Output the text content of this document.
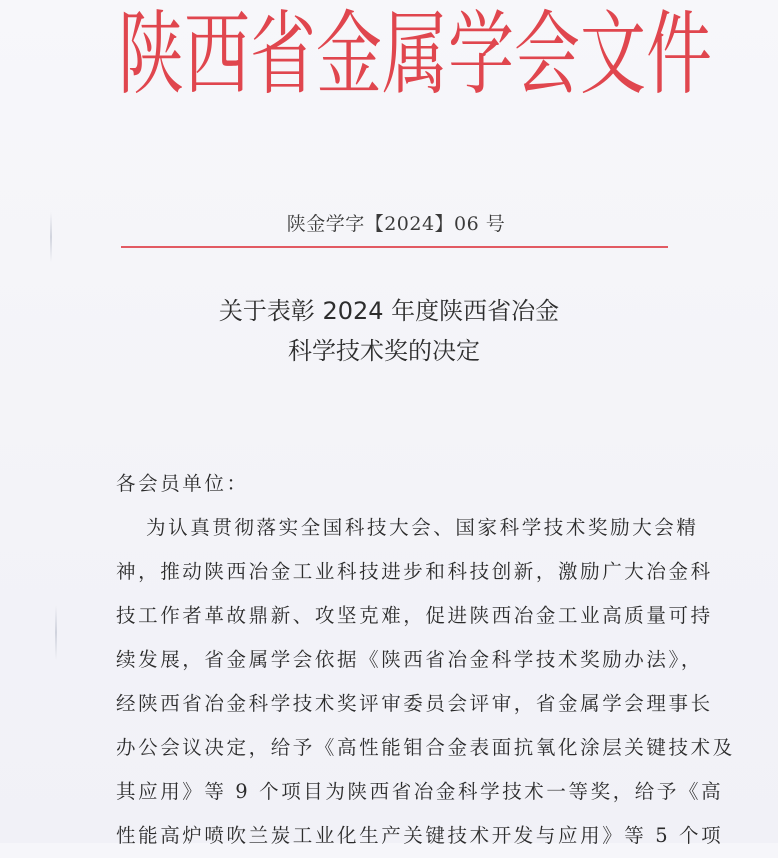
陕 西 省 金 属 学 会 文 件
陕金学字【2024】06 号
关于表彰 2024 年度陕西省冶金
科学技术奖的决定
各会员单位：
为认真贯彻落实全国科技大会、国家科学技术奖励大会精
神，推动陕西冶金工业科技进步和科技创新，激励广大冶金科
技工作者革故鼎新、攻坚克难，促进陕西冶金工业高质量可持
续发展，省金属学会依据《陕西省冶金科学技术奖励办法》，
经陕西省冶金科学技术奖评审委员会评审，省金属学会理事长
办公会议决定，给予《高性能钼合金表面抗氧化涂层关键技术及
其应用》等 9 个项目为陕西省冶金科学技术一等奖，给予《高
性能高炉喷吹兰炭工业化生产关键技术开发与应用》等 5 个项
